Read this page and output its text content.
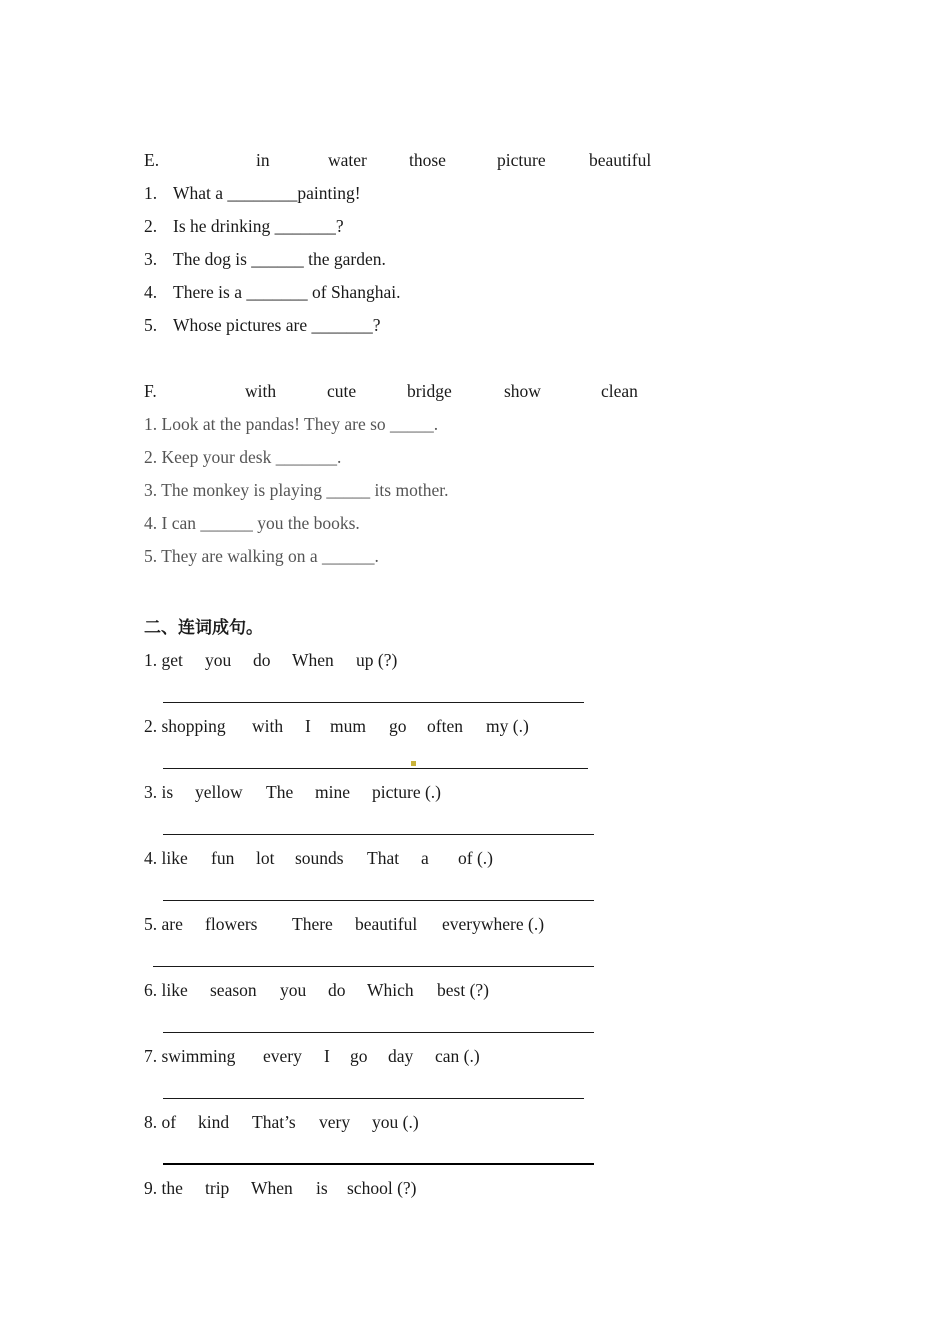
E.	in	water those	picture beautiful
1. What a ________painting!
2. Is he drinking _______?
3. The dog is ______ the garden.
4. There is a _______ of Shanghai.
5. Whose pictures are _______?
F.	with	cute	bridge	show	clean
1. Look at the pandas! They are so _____.
2. Keep your desk _______.
3. The monkey is playing _____ its mother.
4. I can ______ you the books.
5. They are walking on a ______.
二、连词成句。
1. get you do When up (?)
2. shopping with I mum go often my (.)
3. is yellow The mine picture (.)
4. like fun lot sounds That a of (.)
5. are flowers There beautiful everywhere (.)
6. like season you do Which best (?)
7. swimming every I go day can (.)
8. of kind That’s very you (.)
9. the trip When is school (?)
